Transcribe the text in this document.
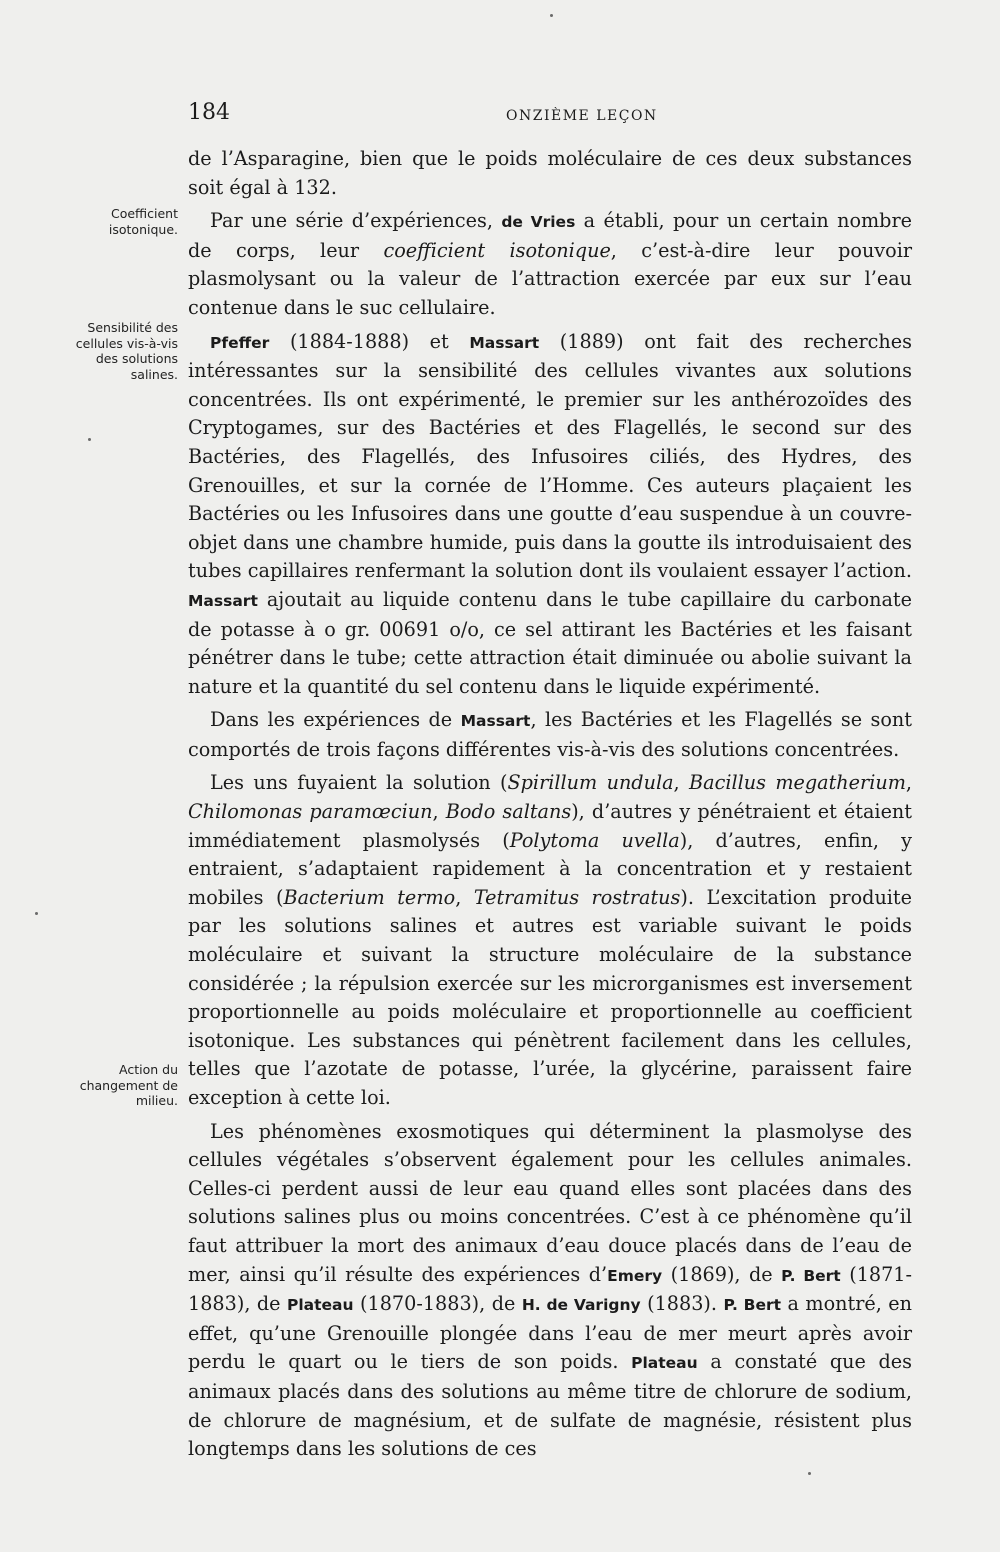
184	ONZIÈME LEÇON
Coefficient isotonique.
Sensibilité des cellules vis-à-vis des solutions salines.
Action du changement de milieu.

de l’Asparagine, bien que le poids moléculaire de ces deux substances soit égal à 132.

Par une série d’expériences, de Vries a établi, pour un certain nombre de corps, leur coefficient isotonique, c’est-à-dire leur pouvoir plasmolysant ou la valeur de l’attraction exercée par eux sur l’eau contenue dans le suc cellulaire.

Pfeffer (1884-1888) et Massart (1889) ont fait des recherches intéressantes sur la sensibilité des cellules vivantes aux solutions concentrées. Ils ont expérimenté, le premier sur les anthérozoïdes des Cryptogames, sur des Bactéries et des Flagellés, le second sur des Bactéries, des Flagellés, des Infusoires ciliés, des Hydres, des Grenouilles, et sur la cornée de l’Homme. Ces auteurs plaçaient les Bactéries ou les Infusoires dans une goutte d’eau suspendue à un couvre-objet dans une chambre humide, puis dans la goutte ils introduisaient des tubes capillaires renfermant la solution dont ils voulaient essayer l’action. Massart ajoutait au liquide contenu dans le tube capillaire du carbonate de potasse à o gr. 00691 o/o, ce sel attirant les Bactéries et les faisant pénétrer dans le tube; cette attraction était diminuée ou abolie suivant la nature et la quantité du sel contenu dans le liquide expérimenté.

Dans les expériences de Massart, les Bactéries et les Flagellés se sont comportés de trois façons différentes vis-à-vis des solutions concentrées.

Les uns fuyaient la solution (Spirillum undula, Bacillus megatherium, Chilomonas paramœciun, Bodo saltans), d’autres y pénétraient et étaient immédiatement plasmolysés (Polytoma uvella), d’autres, enfin, y entraient, s’adaptaient rapidement à la concentration et y restaient mobiles (Bacterium termo, Tetramitus rostratus). L’excitation produite par les solutions salines et autres est variable suivant le poids moléculaire et suivant la structure moléculaire de la substance considérée ; la répulsion exercée sur les microrganismes est inversement proportionnelle au poids moléculaire et proportionnelle au coefficient isotonique. Les substances qui pénètrent facilement dans les cellules, telles que l’azotate de potasse, l’urée, la glycérine, paraissent faire exception à cette loi.

Les phénomènes exosmotiques qui déterminent la plasmolyse des cellules végétales s’observent également pour les cellules animales. Celles-ci perdent aussi de leur eau quand elles sont placées dans des solutions salines plus ou moins concentrées. C’est à ce phénomène qu’il faut attribuer la mort des animaux d’eau douce placés dans de l’eau de mer, ainsi qu’il résulte des expériences d’Emery (1869), de P. Bert (1871-1883), de Plateau (1870-1883), de H. de Varigny (1883). P. Bert a montré, en effet, qu’une Grenouille plongée dans l’eau de mer meurt après avoir perdu le quart ou le tiers de son poids. Plateau a constaté que des animaux placés dans des solutions au même titre de chlorure de sodium, de chlorure de magnésium, et de sulfate de magnésie, résistent plus longtemps dans les solutions de ces
